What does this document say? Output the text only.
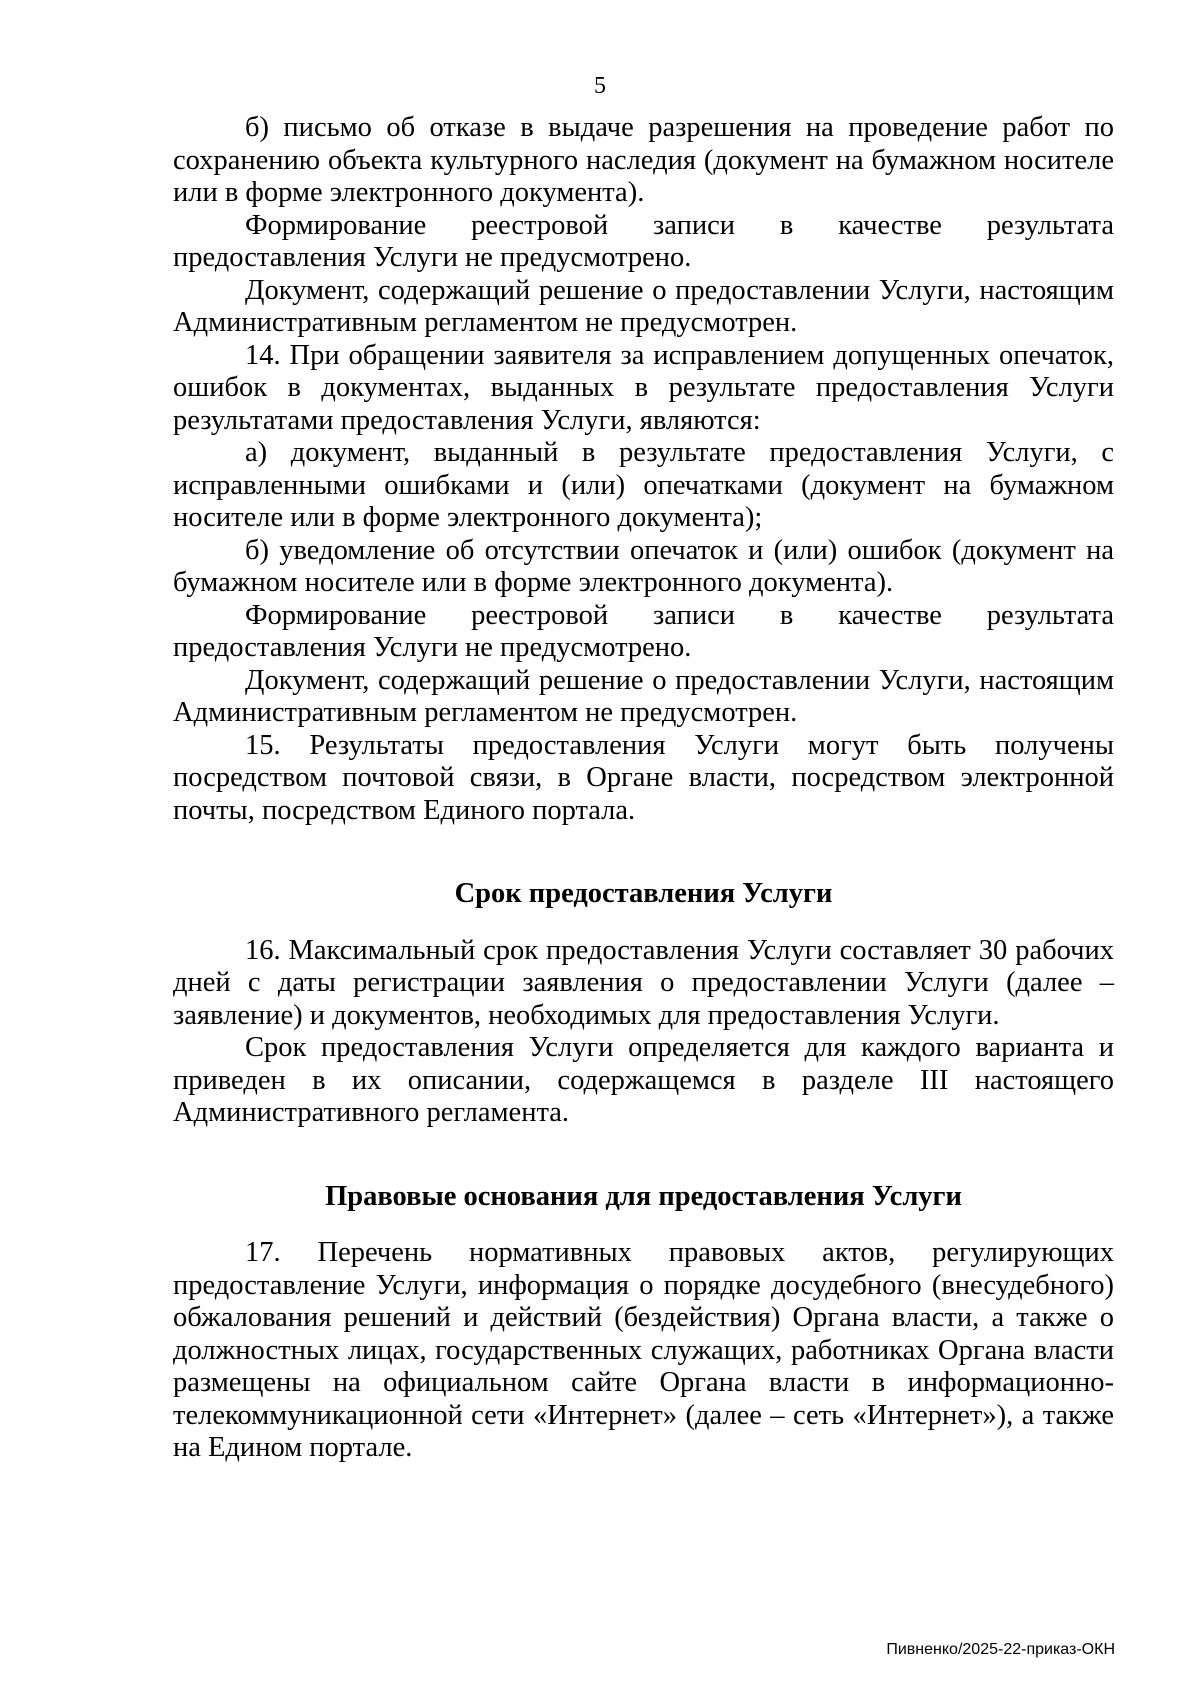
5

б) письмо об отказе в выдаче разрешения на проведение работ по сохранению объекта культурного наследия (документ на бумажном носителе или в форме электронного документа).

Формирование реестровой записи в качестве результата предоставления Услуги не предусмотрено.

Документ, содержащий решение о предоставлении Услуги, настоящим Административным регламентом не предусмотрен.

14. При обращении заявителя за исправлением допущенных опечаток, ошибок в документах, выданных в результате предоставления Услуги результатами предоставления Услуги, являются:

а) документ, выданный в результате предоставления Услуги, с исправленными ошибками и (или) опечатками (документ на бумажном носителе или в форме электронного документа);

б) уведомление об отсутствии опечаток и (или) ошибок (документ на бумажном носителе или в форме электронного документа).

Формирование реестровой записи в качестве результата предоставления Услуги не предусмотрено.

Документ, содержащий решение о предоставлении Услуги, настоящим Административным регламентом не предусмотрен.

15. Результаты предоставления Услуги могут быть получены посредством почтовой связи, в Органе власти, посредством электронной почты, посредством Единого портала.

Срок предоставления Услуги

16. Максимальный срок предоставления Услуги составляет 30 рабочих дней с даты регистрации заявления о предоставлении Услуги (далее – заявление) и документов, необходимых для предоставления Услуги.

Срок предоставления Услуги определяется для каждого варианта и приведен в их описании, содержащемся в разделе III настоящего Административного регламента.

Правовые основания для предоставления Услуги

17. Перечень нормативных правовых актов, регулирующих предоставление Услуги, информация о порядке досудебного (внесудебного) обжалования решений и действий (бездействия) Органа власти, а также о должностных лицах, государственных служащих, работниках Органа власти размещены на официальном сайте Органа власти в информационно-телекоммуникационной сети «Интернет» (далее – сеть «Интернет»), а также на Едином портале.

Пивненко/2025-22-приказ-ОКН
